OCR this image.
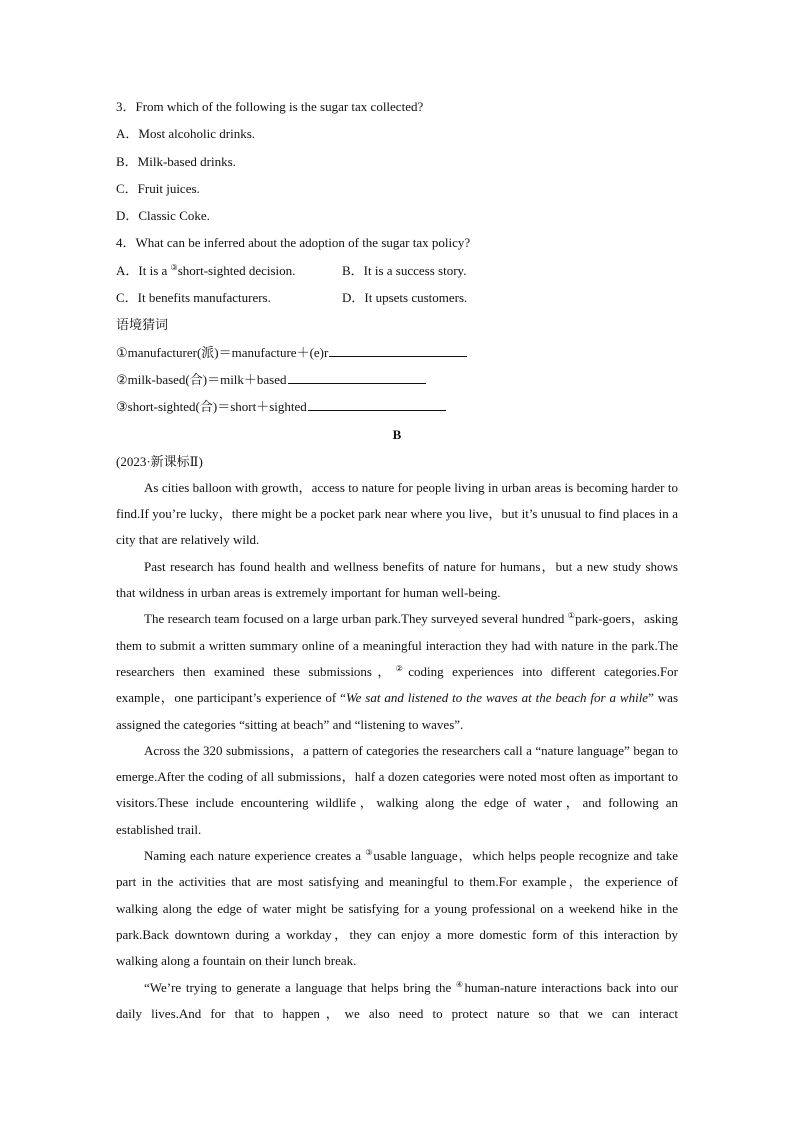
3．From which of the following is the sugar tax collected?
A．Most alcoholic drinks.
B．Milk-based drinks.
C．Fruit juices.
D．Classic Coke.
4．What can be inferred about the adoption of the sugar tax policy?
A．It is a ③short-sighted decision.	B．It is a success story.
C．It benefits manufacturers.	D．It upsets customers.
语境猜词
①manufacturer(派)＝manufacture＋(e)r
②milk-based(合)＝milk＋based
③short-sighted(合)＝short＋sighted
B
(2023·新课标Ⅱ)

As cities balloon with growth，access to nature for people living in urban areas is becoming harder to find.If you’re lucky，there might be a pocket park near where you live，but it’s unusual to find places in a city that are relatively wild.

Past research has found health and wellness benefits of nature for humans，but a new study shows that wildness in urban areas is extremely important for human well-being.

The research team focused on a large urban park.They surveyed several hundred ①park-goers，asking them to submit a written summary online of a meaningful interaction they had with nature in the park.The researchers then examined these submissions，②coding experiences into different categories.For example，one participant’s experience of “We sat and listened to the waves at the beach for a while” was assigned the categories “sitting at beach” and “listening to waves”.

Across the 320 submissions，a pattern of categories the researchers call a “nature language” began to emerge.After the coding of all submissions，half a dozen categories were noted most often as important to visitors.These include encountering wildlife，walking along the edge of water，and following an established trail.

Naming each nature experience creates a ③usable language，which helps people recognize and take part in the activities that are most satisfying and meaningful to them.For example，the experience of walking along the edge of water might be satisfying for a young professional on a weekend hike in the park.Back downtown during a workday，they can enjoy a more domestic form of this interaction by walking along a fountain on their lunch break.

“We’re trying to generate a language that helps bring the ④human-nature interactions back into our daily lives.And for that to happen，we also need to protect nature so that we can interact
